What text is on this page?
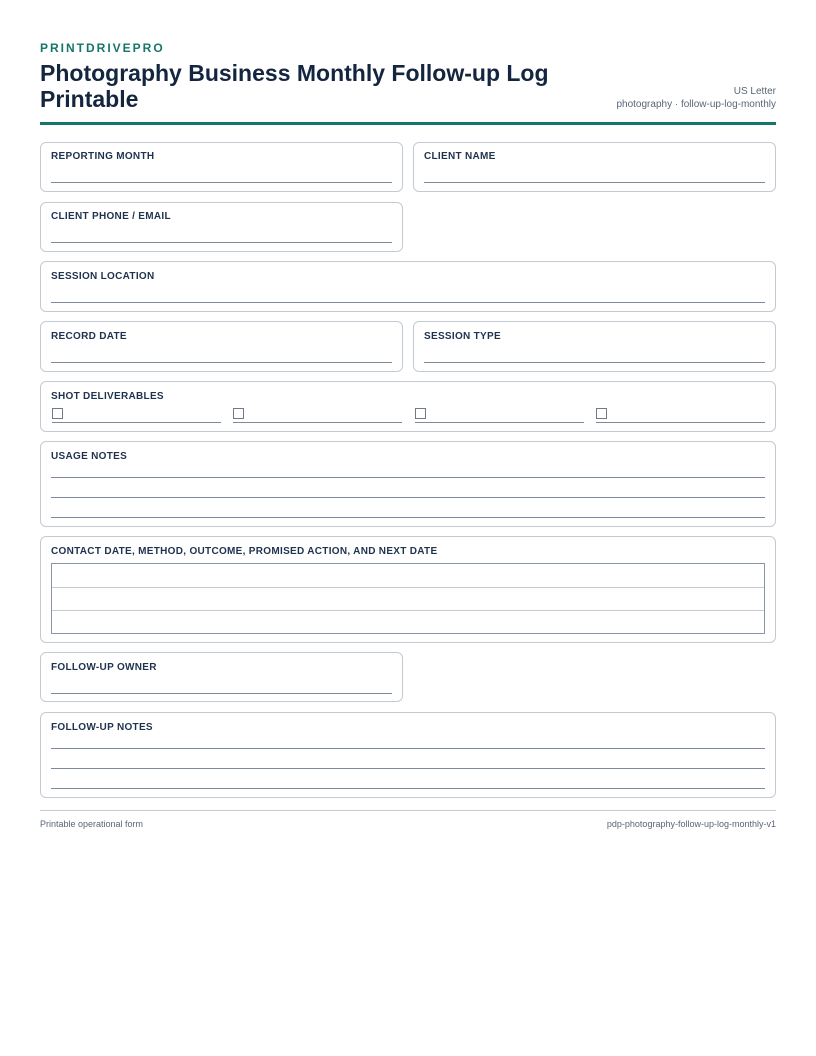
PRINTDRIVEPRO
Photography Business Monthly Follow-up Log Printable	US Letter
photography · follow-up-log-monthly
REPORTING MONTH	CLIENT NAME
CLIENT PHONE / EMAIL
SESSION LOCATION
RECORD DATE	SESSION TYPE
SHOT DELIVERABLES
USAGE NOTES
CONTACT DATE, METHOD, OUTCOME, PROMISED ACTION, AND NEXT DATE
FOLLOW-UP OWNER
FOLLOW-UP NOTES
Printable operational form	pdp-photography-follow-up-log-monthly-v1
